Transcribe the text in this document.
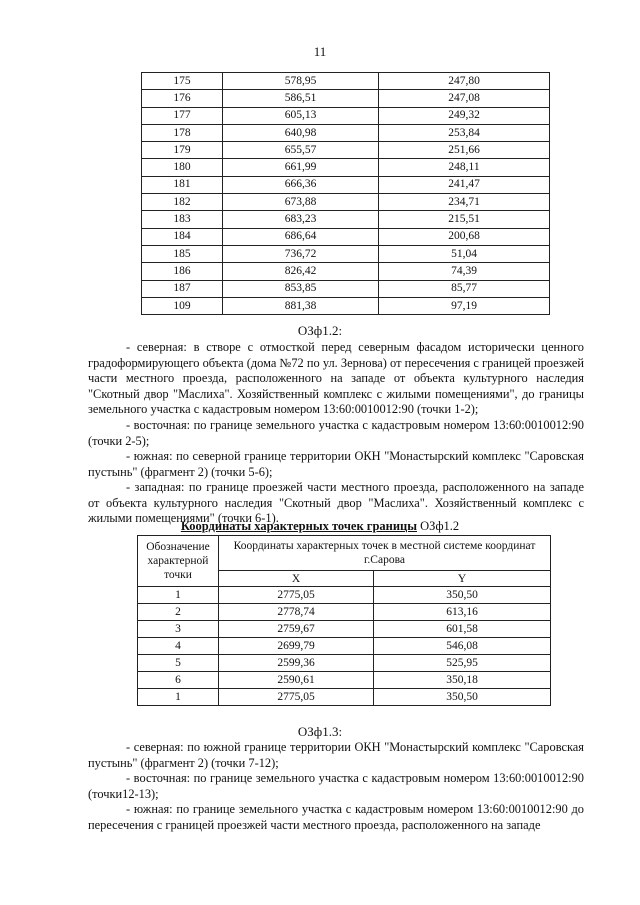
11
175	578,95	247,80
176	586,51	247,08
177	605,13	249,32
178	640,98	253,84
179	655,57	251,66
180	661,99	248,11
181	666,36	241,47
182	673,88	234,71
183	683,23	215,51
184	686,64	200,68
185	736,72	51,04
186	826,42	74,39
187	853,85	85,77
109	881,38	97,19
ОЗф1.2:

- северная: в створе с отмосткой перед северным фасадом исторически ценного градоформирующего объекта (дома №72 по ул. Зернова) от пересечения с границей проезжей части местного проезда, расположенного на западе от объекта культурного наследия "Скотный двор "Маслиха". Хозяйственный комплекс с жилыми помещениями", до границы земельного участка с кадастровым номером 13:60:0010012:90 (точки 1-2);

- восточная: по границе земельного участка с кадастровым номером 13:60:0010012:90 (точки 2-5);

- южная: по северной границе территории ОКН "Монастырский комплекс "Саровская пустынь" (фрагмент 2) (точки 5-6);

- западная: по границе проезжей части местного проезда, расположенного на западе от объекта культурного наследия "Скотный двор "Маслиха". Хозяйственный комплекс с жилыми помещениями" (точки 6-1).

Координаты характерных точек границы ОЗф1.2
Обозначение характерной точки	Координаты характерных точек в местной системе координат г.Сарова	
	X	Y
1	2775,05	350,50
2	2778,74	613,16
3	2759,67	601,58
4	2699,79	546,08
5	2599,36	525,95
6	2590,61	350,18
1	2775,05	350,50
ОЗф1.3:

- северная: по южной границе территории ОКН "Монастырский комплекс "Саровская пустынь" (фрагмент 2) (точки 7-12);

- восточная: по границе земельного участка с кадастровым номером 13:60:0010012:90 (точки12-13);

- южная: по границе земельного участка с кадастровым номером 13:60:0010012:90 до пересечения с границей проезжей части местного проезда, расположенного на западе
